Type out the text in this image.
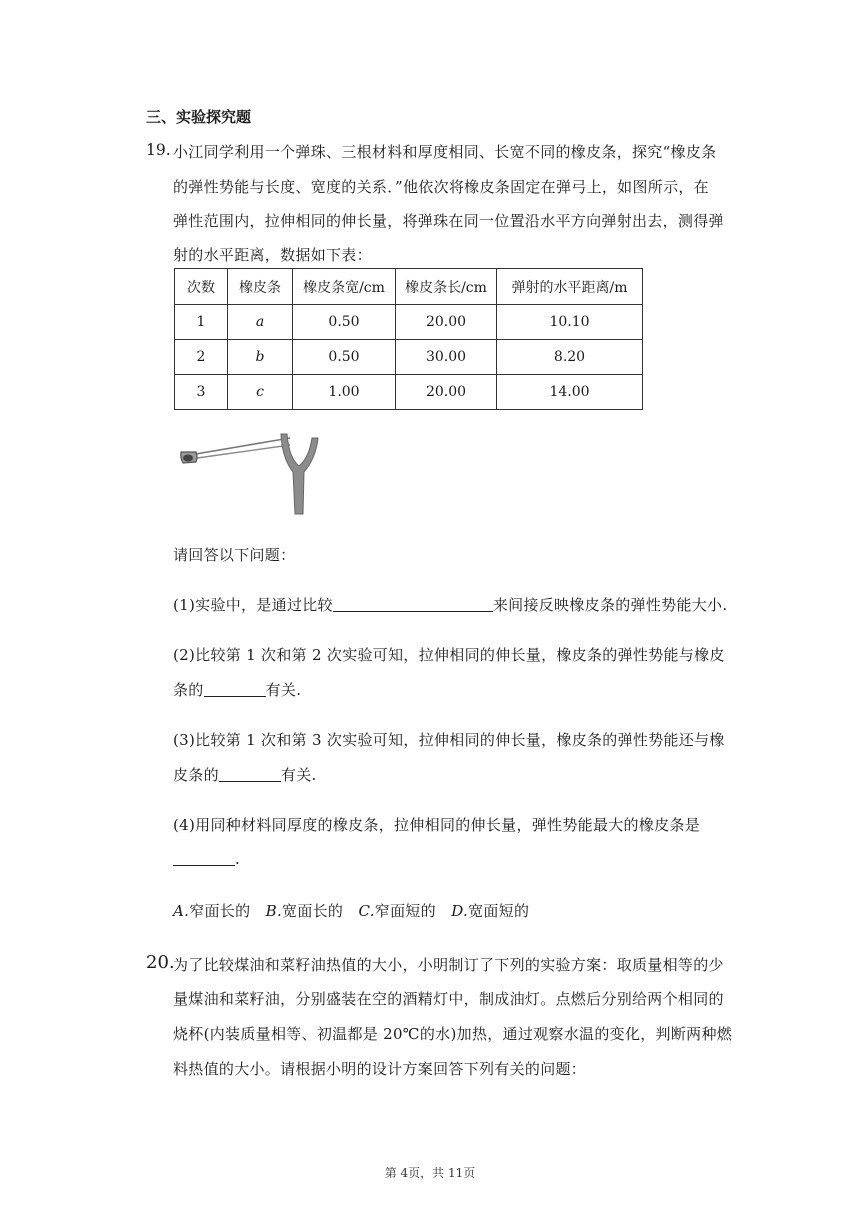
三、实验探究题
19. 小江同学利用一个弹珠、三根材料和厚度相同、长宽不同的橡皮条，探究“橡皮条
的弹性势能与长度、宽度的关系．”他依次将橡皮条固定在弹弓上，如图所示，在
弹性范围内，拉伸相同的伸长量，将弹珠在同一位置沿水平方向弹射出去，测得弹
射的水平距离，数据如下表：
次数	橡皮条	橡皮条宽/cm	橡皮条长/cm	弹射的水平距离/m
1	a	0.50	20.00	10.10
2	b	0.50	30.00	8.20
3	c	1.00	20.00	14.00
请回答以下问题：
(1)实验中，是通过比较	来间接反映橡皮条的弹性势能大小.
(2)比较第 1 次和第 2 次实验可知，拉伸相同的伸长量，橡皮条的弹性势能与橡皮
条的	有关.
(3)比较第 1 次和第 3 次实验可知，拉伸相同的伸长量，橡皮条的弹性势能还与橡
皮条的	有关.
(4)用同种材料同厚度的橡皮条，拉伸相同的伸长量，弹性势能最大的橡皮条是
.
A.窄面长的 B.宽面长的 C.窄面短的 D.宽面短的
20.
为了比较煤油和菜籽油热值的大小，小明制订了下列的实验方案：取质量相等的少
量煤油和菜籽油，分别盛装在空的酒精灯中，制成油灯。点燃后分别给两个相同的
烧杯(内装质量相等、初温都是 20℃的水)加热，通过观察水温的变化，判断两种燃
料热值的大小。请根据小明的设计方案回答下列有关的问题：
第 4页，共 11页
